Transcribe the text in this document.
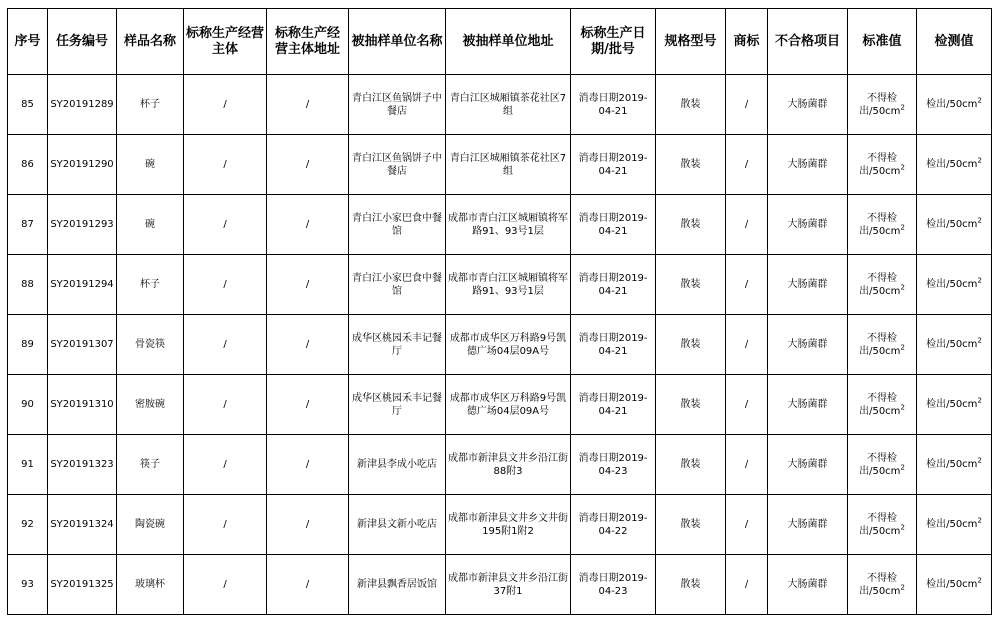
序号	任务编号	样品名称	标称生产经营主体	标称生产经营主体地址	被抽样单位名称	被抽样单位地址	标称生产日期/批号	规格型号	商标	不合格项目	标准值	检测值
85	SY20191289	杯子	/	/	青白江区鱼锅饼子中餐店	青白江区城厢镇茶花社区7组	消毒日期2019-04-21	散装	/	大肠菌群	不得检出$/50cm^2$	检出$/50cm^2$
86	SY20191290	碗	/	/	青白江区鱼锅饼子中餐店	青白江区城厢镇茶花社区7组	消毒日期2019-04-21	散装	/	大肠菌群	不得检出$/50cm^2$	检出$/50cm^2$
87	SY20191293	碗	/	/	青白江小家巴食中餐馆	成都市青白江区城厢镇将军路91、93号1层	消毒日期2019-04-21	散装	/	大肠菌群	不得检出$/50cm^2$	检出$/50cm^2$
88	SY20191294	杯子	/	/	青白江小家巴食中餐馆	成都市青白江区城厢镇将军路91、93号1层	消毒日期2019-04-21	散装	/	大肠菌群	不得检出$/50cm^2$	检出$/50cm^2$
89	SY20191307	骨瓷筷	/	/	成华区桃园禾丰记餐厅	成都市成华区万科路9号凯德广场04层09A号	消毒日期2019-04-21	散装	/	大肠菌群	不得检出$/50cm^2$	检出$/50cm^2$
90	SY20191310	密胺碗	/	/	成华区桃园禾丰记餐厅	成都市成华区万科路9号凯德广场04层09A号	消毒日期2019-04-21	散装	/	大肠菌群	不得检出$/50cm^2$	检出$/50cm^2$
91	SY20191323	筷子	/	/	新津县李成小吃店	成都市新津县文井乡沿江街88附3	消毒日期2019-04-23	散装	/	大肠菌群	不得检出$/50cm^2$	检出$/50cm^2$
92	SY20191324	陶瓷碗	/	/	新津县文新小吃店	成都市新津县文井乡文井街195附1附2	消毒日期2019-04-22	散装	/	大肠菌群	不得检出$/50cm^2$	检出$/50cm^2$
93	SY20191325	玻璃杯	/	/	新津县飘香居饭馆	成都市新津县文井乡沿江街37附1	消毒日期2019-04-23	散装	/	大肠菌群	不得检出$/50cm^2$	检出$/50cm^2$
